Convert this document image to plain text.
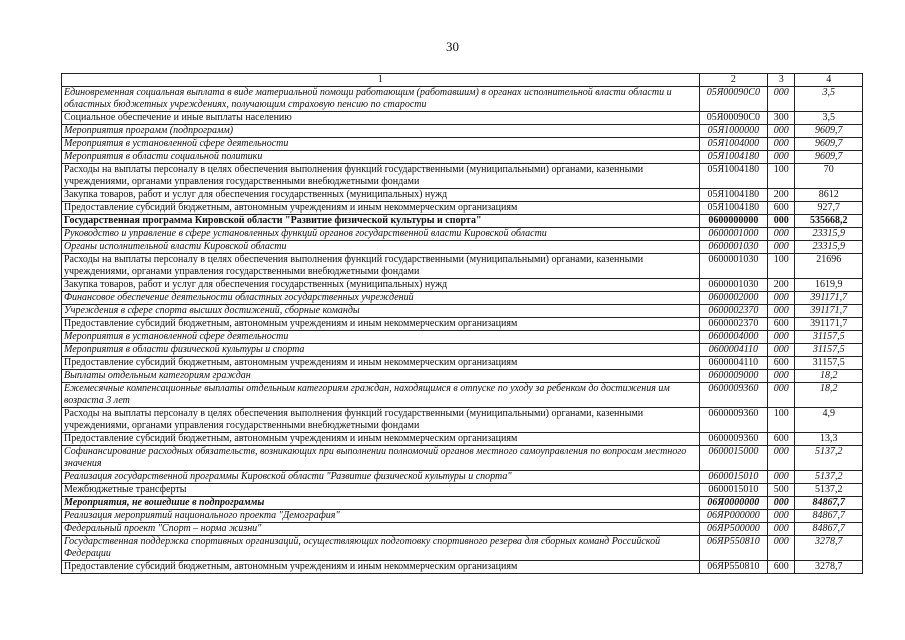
30
1	2	3	4
Единовременная социальная выплата в виде материальной помощи работающим (работавшим) в органах исполнительной власти области и областных бюджетных учреждениях, получающим страховую пенсию по старости	05Я00090С0	000	3,5
Социальное обеспечение и иные выплаты населению	05Я00090С0	300	3,5
Мероприятия программ (подпрограмм)	05Я1000000	000	9609,7
Мероприятия в установленной сфере деятельности	05Я1004000	000	9609,7
Мероприятия в области социальной политики	05Я1004180	000	9609,7
Расходы на выплаты персоналу в целях обеспечения выполнения функций государственными (муниципальными) органами, казенными учреждениями, органами управления государственными внебюджетными фондами	05Я1004180	100	70
Закупка товаров, работ и услуг для обеспечения государственных (муниципальных) нужд	05Я1004180	200	8612
Предоставление субсидий бюджетным, автономным учреждениям и иным некоммерческим организациям	05Я1004180	600	927,7
Государственная программа Кировской области "Развитие физической культуры и спорта"	0600000000	000	535668,2
Руководство и управление в сфере установленных функций органов государственной власти Кировской области	0600001000	000	23315,9
Органы исполнительной власти Кировской области	0600001030	000	23315,9
Расходы на выплаты персоналу в целях обеспечения выполнения функций государственными (муниципальными) органами, казенными учреждениями, органами управления государственными внебюджетными фондами	0600001030	100	21696
Закупка товаров, работ и услуг для обеспечения государственных (муниципальных) нужд	0600001030	200	1619,9
Финансовое обеспечение деятельности областных государственных учреждений	0600002000	000	391171,7
Учреждения в сфере спорта высших достижений, сборные команды	0600002370	000	391171,7
Предоставление субсидий бюджетным, автономным учреждениям и иным некоммерческим организациям	0600002370	600	391171,7
Мероприятия в установленной сфере деятельности	0600004000	000	31157,5
Мероприятия в области физической культуры и спорта	0600004110	000	31157,5
Предоставление субсидий бюджетным, автономным учреждениям и иным некоммерческим организациям	0600004110	600	31157,5
Выплаты отдельным категориям граждан	0600009000	000	18,2
Ежемесячные компенсационные выплаты отдельным категориям граждан, находящимся в отпуске по уходу за ребенком до достижения им возраста 3 лет	0600009360	000	18,2
Расходы на выплаты персоналу в целях обеспечения выполнения функций государственными (муниципальными) органами, казенными учреждениями, органами управления государственными внебюджетными фондами	0600009360	100	4,9
Предоставление субсидий бюджетным, автономным учреждениям и иным некоммерческим организациям	0600009360	600	13,3
Софинансирование расходных обязательств, возникающих при выполнении полномочий органов местного самоуправления по вопросам местного значения	0600015000	000	5137,2
Реализация государственной программы Кировской области "Развитие физической культуры и спорта"	0600015010	000	5137,2
Межбюджетные трансферты	0600015010	500	5137,2
Мероприятия, не вошедшие в подпрограммы	06Я0000000	000	84867,7
Реализация мероприятий национального проекта "Демография"	06ЯР000000	000	84867,7
Федеральный проект "Спорт – норма жизни"	06ЯР500000	000	84867,7
Государственная поддержка спортивных организаций, осуществляющих подготовку спортивного резерва для сборных команд Российской Федерации	06ЯР550810	000	3278,7
Предоставление субсидий бюджетным, автономным учреждениям и иным некоммерческим организациям	06ЯР550810	600	3278,7
